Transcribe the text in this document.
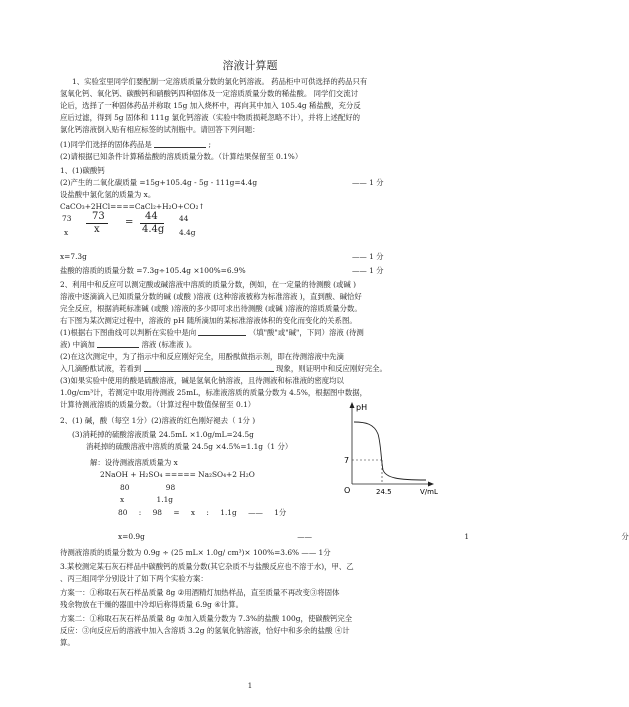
溶液计算题
1、实验室里同学们要配制一定溶质质量分数的氯化钙溶液。 药品柜中可供选择的药品只有
氢氧化钙、氧化钙、碳酸钙和硝酸钙四种固体及一定溶质质量分数的稀盐酸。 同学们交流讨
论后，选择了一种固体药品并称取 15g 加入烧杯中，再向其中加入 105.4g 稀盐酸，充分反
应后过滤，得到 5g 固体和 111g 氯化钙溶液（实验中物质损耗忽略不计），并将上述配好的
氯化钙溶液倒入贴有相应标签的试剂瓶中。请回答下列问题：
(1)同学们选择的固体药品是	;
(2)请根据已知条件计算稀盐酸的溶质质量分数。（计算结果保留至 0.1%）
1、(1)碳酸钙
(2)产生的二氧化碳质量 =15g+105.4g - 5g - 111g=4.4g	—— 1 分
设盐酸中氯化氢的质量为 x。
CaCO₃+2HCl====CaCl₂+H₂O+CO₂↑
73	44
x	4.4g
73
x
=
44
4.4g
x=7.3g	—— 1 分
盐酸的溶质的质量分数 =7.3g÷105.4g ×100%=6.9%	—— 1 分
2、利用中和反应可以测定酸或碱溶液中溶质的质量分数，例如，在一定量的待测酸 (或碱 )
溶液中逐滴滴入已知质量分数的碱 (或酸 )溶液 (这种溶液被称为标准溶液 )，直到酸、碱恰好
完全反应，根据消耗标准碱 (或酸 )溶液的多少即可求出待测酸 (或碱 )溶液的溶质质量分数。
右下图为某次测定过程中，溶液的 pH 随所滴加的某标准溶液体积的变化而变化的关系图。
(1)根据右下图曲线可以判断在实验中是向	（填"酸"或"碱"，下同）溶液 (待测
液) 中滴加	溶液 (标准液 )。
(2)在这次测定中，为了指示中和反应刚好完全，用酚酞做指示剂，即在待测溶液中先滴
入几滴酚酞试液，若看到	现象，则证明中和反应刚好完全。
(3)如果实验中使用的酸是硫酸溶液，碱是氢氧化钠溶液，且待测液和标准液的密度均以
1.0g/cm³计，若测定中取用待测液 25mL，标准液溶质的质量分数为 4.5%，根据图中数据，
计算待测液溶质的质量分数。（计算过程中数值保留至 0.1）
2、(1) 碱，酸（每空 1分）(2)溶液的红色刚好褪去（ 1分 )
(3)消耗掉的硫酸溶液质量 24.5mL ×1.0g/mL=24.5g
消耗掉的硫酸溶液中溶质的质量 24.5g ×4.5%=1.1g（1 分）
解：设待测液溶质质量为 x
2NaOH + H₂SO₄ ===== Na₂SO₄+2 H₂O
80 98
x 1.1g
80 : 98 = x : 1.1g —— 1分
x=0.9g —— 1 分
待测液溶质的质量分数为 0.9g ÷ (25 mL× 1.0g/ cm³)× 100%=3.6% —— 1分
pH
7
O	24.5	V/mL
3.某校测定某石灰石样品中碳酸钙的质量分数(其它杂质不与盐酸反应也不溶于水)，甲、乙
、丙三组同学分别设计了如下两个实验方案：
方案一：①称取石灰石样品质量 8g ②用酒精灯加热样品，直至质量不再改变③将固体
残余物放在干燥的器皿中冷却后称得质量 6.9g ④计算。
方案二：①称取石灰石样品质量 8g ②加入质量分数为 7.3%的盐酸 100g，使碳酸钙完全
反应：③向反应后的溶液中加入含溶质 3.2g 的氢氧化钠溶液，恰好中和多余的盐酸 ④计
算。
1
